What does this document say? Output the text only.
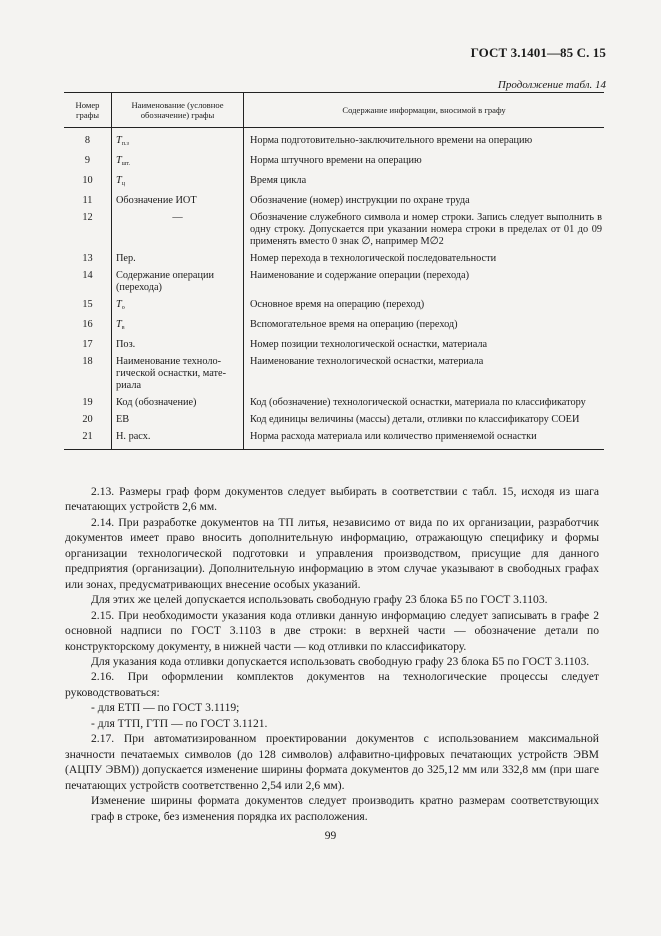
ГОСТ 3.1401—85 С. 15
Продолжение табл. 14
Номер графы	Наименование (условное обозначение) графы	Содержание информации, вносимой в графу
8	$T_{п.з}$	Норма подготовительно-заключительного времени на операцию
9	$T_{шт.}$	Норма штучного времени на операцию
10	$T_ц$	Время цикла
11	Обозначение ИОТ	Обозначение (номер) инструкции по охране труда
12	—	Обозначение служебного символа и номер строки. Запись следует выполнить в одну строку. Допускается при указании номера строки в пределах от 01 до 09 применять вместо 0 знак ∅, например М∅2
13	Пер.	Номер перехода в технологической последовательности
14	Содержание операции (перехода)	Наименование и содержание операции (перехода)
15	$T_о$	Основное время на операцию (переход)
16	$T_в$	Вспомогательное время на операцию (переход)
17	Поз.	Номер позиции технологической оснастки, материала
18	Наименование техноло-гической оснастки, мате-риала	Наименование технологической оснастки, материала
19	Код (обозначение)	Код (обозначение) технологической оснастки, материала по классификатору
20	ЕВ	Код единицы величины (массы) детали, отливки по классификатору СОЕИ
21	Н. расх.	Норма расхода материала или количество применяемой оснастки

2.13. Размеры граф форм документов следует выбирать в соответствии с табл. 15, исходя из шага печатающих устройств 2,6 мм.

2.14. При разработке документов на ТП литья, независимо от вида по их организации, разработчик документов имеет право вносить дополнительную информацию, отражающую специфику и формы организации технологической подготовки и управления производством, присущие для данного предприятия (организации). Дополнительную информацию в этом случае указывают в свободных графах или зонах, предусматривающих внесение особых указаний.

Для этих же целей допускается использовать свободную графу 23 блока Б5 по ГОСТ 3.1103.

2.15. При необходимости указания кода отливки данную информацию следует записывать в графе 2 основной надписи по ГОСТ 3.1103 в две строки: в верхней части — обозначение детали по конструкторскому документу, в нижней части — код отливки по классификатору.

Для указания кода отливки допускается использовать свободную графу 23 блока Б5 по ГОСТ 3.1103.

2.16. При оформлении комплектов документов на технологические процессы следует руководствоваться:

- для ЕТП — по ГОСТ 3.1119;

- для ТТП, ГТП — по ГОСТ 3.1121.

2.17. При автоматизированном проектировании документов с использованием максимальной значности печатаемых символов (до 128 символов) алфавитно-цифровых печатающих устройств ЭВМ (АЦПУ ЭВМ)) допускается изменение ширины формата документов до 325,12 мм или 332,8 мм (при шаге печатающих устройств соответственно 2,54 или 2,6 мм).

Изменение ширины формата документов следует производить кратно размерам соответствующих граф в строке, без изменения порядка их расположения.

99
